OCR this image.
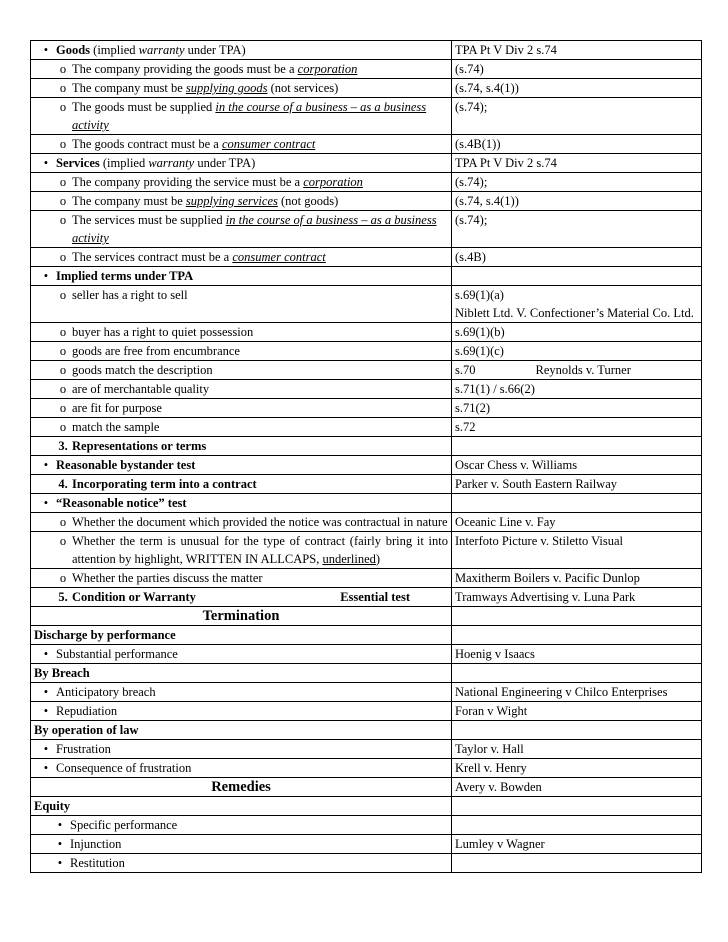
• Goods (implied warranty under TPA)	TPA Pt V Div 2 s.74

o The company providing the goods must be a corporation	(s.74)

o The company must be supplying goods (not services)	(s.74, s.4(1))

o The goods must be supplied in the course of a business – as a business activity	(s.74);

o The goods contract must be a consumer contract	(s.4B(1))

• Services (implied warranty under TPA)	TPA Pt V Div 2 s.74

o The company providing the service must be a corporation	(s.74);

o The company must be supplying services (not goods)	(s.74, s.4(1))

o The services must be supplied in the course of a business – as a business activity	(s.74);

o The services contract must be a consumer contract	(s.4B)

• Implied terms under TPA	

o seller has a right to sell	s.69(1)(a)
Niblett Ltd. V. Confectioner’s Material Co. Ltd.

o buyer has a right to quiet possession	s.69(1)(b)

o goods are free from encumbrance	s.69(1)(c)

o goods match the description	s.70 Reynolds v. Turner

o are of merchantable quality	s.71(1) / s.66(2)

o are fit for purpose	s.71(2)

o match the sample	s.72

3. Representations or terms	

• Reasonable bystander test	Oscar Chess v. Williams

4. Incorporating term into a contract	Parker v. South Eastern Railway

• “Reasonable notice” test	

o Whether the document which provided the notice was contractual in nature	Oceanic Line v. Fay

o Whether the term is unusual for the type of contract (fairly bring it into attention by highlight, WRITTEN IN ALLCAPS, underlined)	Interfoto Picture v. Stiletto Visual

o Whether the parties discuss the matter	Maxitherm Boilers v. Pacific Dunlop

5. Essential test
Condition or Warranty	Tramways Advertising v. Luna Park
Termination	

Discharge by performance	

• Substantial performance	Hoenig v Isaacs

By Breach	

• Anticipatory breach	National Engineering v Chilco Enterprises

• Repudiation	Foran v Wight

By operation of law	

• Frustration	Taylor v. Hall

• Consequence of frustration	Krell v. Henry
Remedies	Avery v. Bowden

Equity	

• Specific performance	

• Injunction	Lumley v Wagner

• Restitution	
